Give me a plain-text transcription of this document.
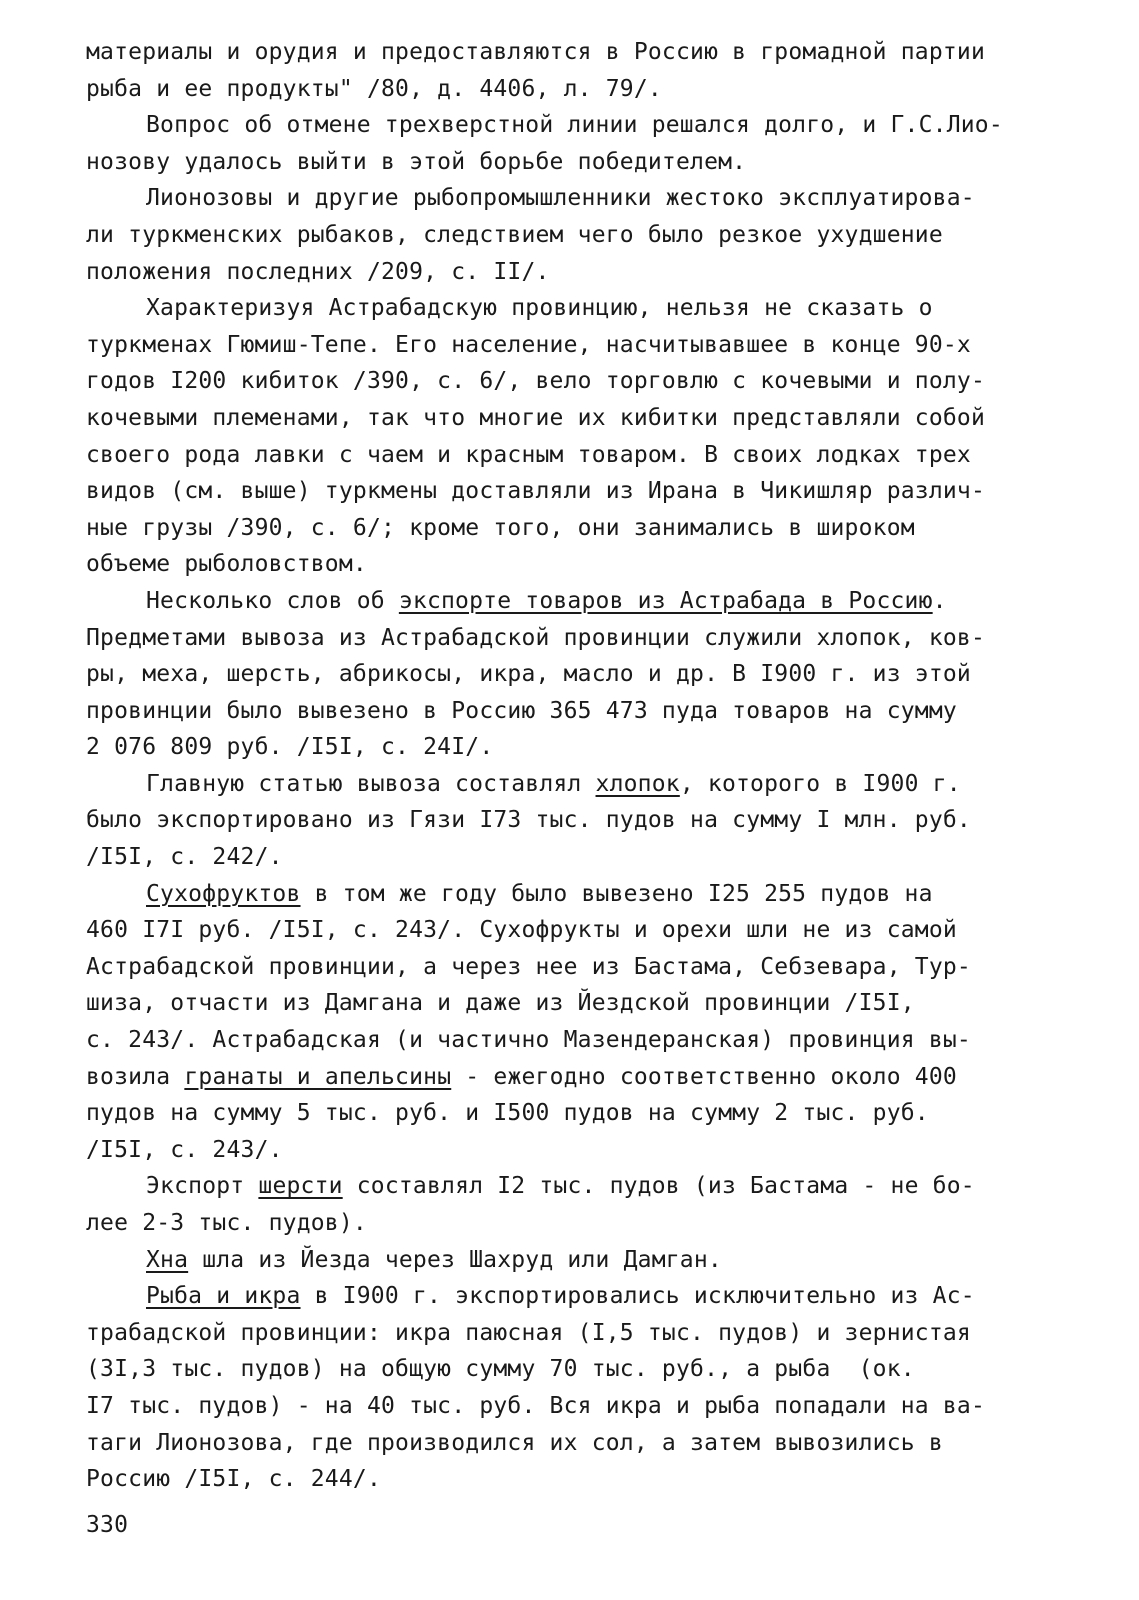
материалы и орудия и предоставляются в Россию в громадной партии
рыба и ее продукты" /80, д. 4406, л. 79/.
Вопрос об отмене трехверстной линии решался долго, и Г.С.Лио-
нозову удалось выйти в этой борьбе победителем.
Лионозовы и другие рыбопромышленники жестоко эксплуатирова-
ли туркменских рыбаков, следствием чего было резкое ухудшение
положения последних /209, с. II/.
Характеризуя Астрабадскую провинцию, нельзя не сказать о
туркменах Гюмиш-Тепе. Его население, насчитывавшее в конце 90-х
годов I200 кибиток /390, с. 6/, вело торговлю с кочевыми и полу-
кочевыми племенами, так что многие их кибитки представляли собой
своего рода лавки с чаем и красным товаром. В своих лодках трех
видов (см. выше) туркмены доставляли из Ирана в Чикишляр различ-
ные грузы /390, с. 6/; кроме того, они занимались в широком
объеме рыболовством.
Несколько слов об экспорте товаров из Астрабада в Россию.
Предметами вывоза из Астрабадской провинции служили хлопок, ков-
ры, меха, шерсть, абрикосы, икра, масло и др. В I900 г. из этой
провинции было вывезено в Россию 365 473 пуда товаров на сумму
2 076 809 руб. /I5I, с. 24I/.
Главную статью вывоза составлял хлопок, которого в I900 г.
было экспортировано из Гязи I73 тыс. пудов на сумму I млн. руб.
/I5I, с. 242/.
Сухофруктов в том же году было вывезено I25 255 пудов на
460 I7I руб. /I5I, с. 243/. Сухофрукты и орехи шли не из самой
Астрабадской провинции, а через нее из Бастама, Себзевара, Тур-
шиза, отчасти из Дамгана и даже из Йездской провинции /I5I,
с. 243/. Астрабадская (и частично Мазендеранская) провинция вы-
возила гранаты и апельсины - ежегодно соответственно около 400
пудов на сумму 5 тыс. руб. и I500 пудов на сумму 2 тыс. руб.
/I5I, с. 243/.
Экспорт шерсти составлял I2 тыс. пудов (из Бастама - не бо-
лее 2-3 тыс. пудов).
Хна шла из Йезда через Шахруд или Дамган.
Рыба и икра в I900 г. экспортировались исключительно из Ас-
трабадской провинции: икра паюсная (I,5 тыс. пудов) и зернистая
(3I,3 тыс. пудов) на общую сумму 70 тыс. руб., а рыба  (ок.
I7 тыс. пудов) - на 40 тыс. руб. Вся икра и рыба попадали на ва-
таги Лионозова, где производился их сол, а затем вывозились в
Россию /I5I, с. 244/.
330
